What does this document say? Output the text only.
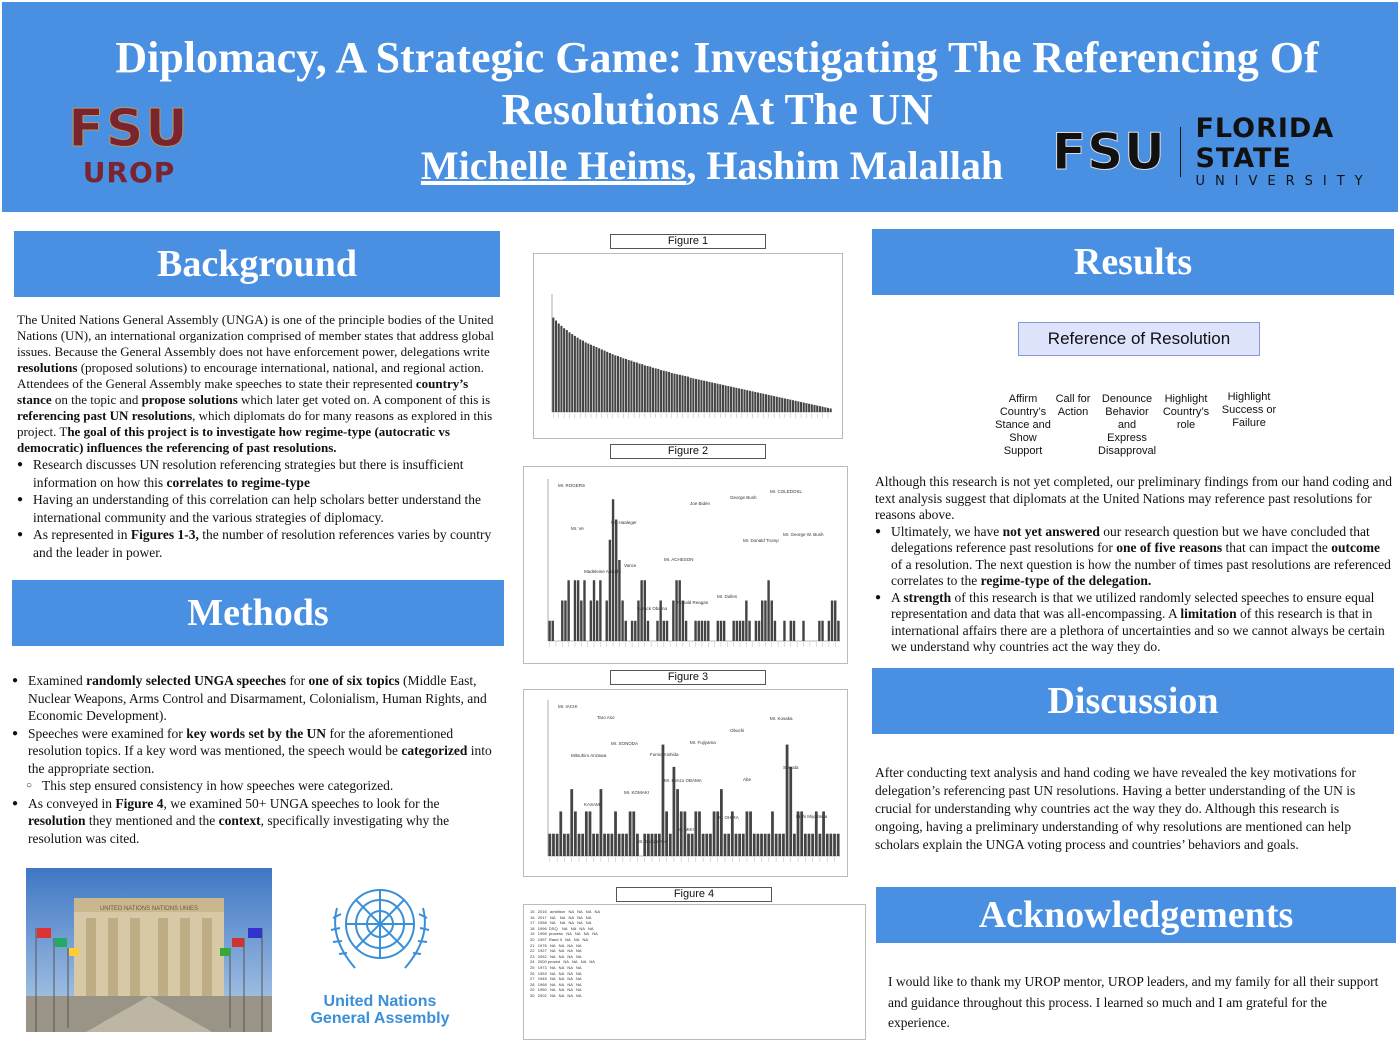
Diplomacy, A Strategic Game: Investigating The Referencing Of Resolutions At The UN
Michelle Heims, Hashim Malallah
FSU
UROP	FSU FLORIDA STATE
UNIVERSITY
Background

The United Nations General Assembly (UNGA) is one of the principle bodies of the United Nations (UN), an international organization comprised of member states that address global issues. Because the General Assembly does not have enforcement power, delegations write resolutions (proposed solutions) to encourage international, national, and regional action. Attendees of the General Assembly make speeches to state their represented country’s stance on the topic and propose solutions which later get voted on. A component of this is referencing past UN resolutions, which diplomats do for many reasons as explored in this project. The goal of this project is to investigate how regime-type (autocratic vs democratic) influences the referencing of past resolutions.

● Research discusses UN resolution referencing strategies but there is insufficient information on how this correlates to regime-type
● Having an understanding of this correlation can help scholars better understand the international community and the various strategies of diplomacy.
● As represented in Figures 1-3, the number of resolution references varies by country and the leader in power.
Methods
● Examined randomly selected UNGA speeches for one of six topics (Middle East, Nuclear Weapons, Arms Control and Disarmament, Colonialism, Human Rights, and Economic Development).
● Speeches were examined for key words set by the UN for the aforementioned resolution topics. If a key word was mentioned, the speech would be categorized into the appropriate section.
○ This step ensured consistency in how speeches were categorized.
● As conveyed in Figure 4, we examined 50+ UNGA speeches to look for the resolution they mentioned and the context, specifically investigating why the resolution was cited.
UNITED NATIONS NATIONS UNIES
United Nations
General Assembly
Figure 1
Figure 2
Mr. ROGERS
Mr. Haaleger
Mr. ACHESON
Mr. Dulles
Mr. COLEDOSL
Mr. Ve
Vance
Ronald Reagan
George Bush
Mr. George W. Bush
Madeleine Albright
Barack Obama
Joe Biden
Mr. Donald Trump
Figure 3
Mr. IACHI
Mr. SONODA
Mr. Kenzo OBAMA
Mr. OHIRA
Mr. Kosaka
Mitsuhiro Anzawa
Mr. KOMAKI
Mr. MIKI
Obuchi
Sonoda
KASAMI
Mr. Shinzo Abe
Mr. Fujiyama
Abe
Hishi Miyazawa
Taro Aso
Fumio Kishida
Figure 4
15   2016   ambition   NA   NA   NA   NA
16   2017   NA    NA   NA   NA   NA
17   1958   NA    NA   NA   NA   NA
18   1996  DSQ    NA   NA   NA   NA
19   1998  process   NA   NA   NA   NA
20   1997  Rand II   NA   NA   NA
21   1976   NA   NA   NA   NA
22   1927   NA   NA   NA   NA
23   2052   NA   NA   NA   NA
24   2000 proved   NA   NA   NA   NA
25   1973   NA   NA   NA   NA
26   1953   NA   NA   NA   NA
27   1945   NA   NA   NA   NA
28   1968   NA   NA   NA   NA
29   1950   NA   NA   NA   NA
30   2002   NA   NA   NA   NA
Results
Reference of Resolution
Affirm Country’s Stance and Show Support
Call for Action
Denounce Behavior and Express Disapproval
Highlight Country’s role
Highlight Success or Failure

Although this research is not yet completed, our preliminary findings from our hand coding and text analysis suggest that diplomats at the United Nations may reference past resolutions for reasons above.

● Ultimately, we have not yet answered our research question but we have concluded that delegations reference past resolutions for one of five reasons that can impact the outcome of a resolution. The next question is how the number of times past resolutions are referenced correlates to the regime-type of the delegation.
● A strength of this research is that we utilized randomly selected speeches to ensure equal representation and data that was all-encompassing. A limitation of this research is that in international affairs there are a plethora of uncertainties and so we cannot always be certain we understand why countries act the way they do.
Discussion
After conducting text analysis and hand coding we have revealed the key motivations for delegation’s referencing past UN resolutions. Having a better understanding of the UN is crucial for understanding why countries act the way they do. Although this research is ongoing, having a preliminary understanding of why resolutions are mentioned can help scholars explain the UNGA voting process and countries’ behaviors and goals.
Acknowledgements
I would like to thank my UROP mentor, UROP leaders, and my family for all their support and guidance throughout this process. I learned so much and I am grateful for the experience.
